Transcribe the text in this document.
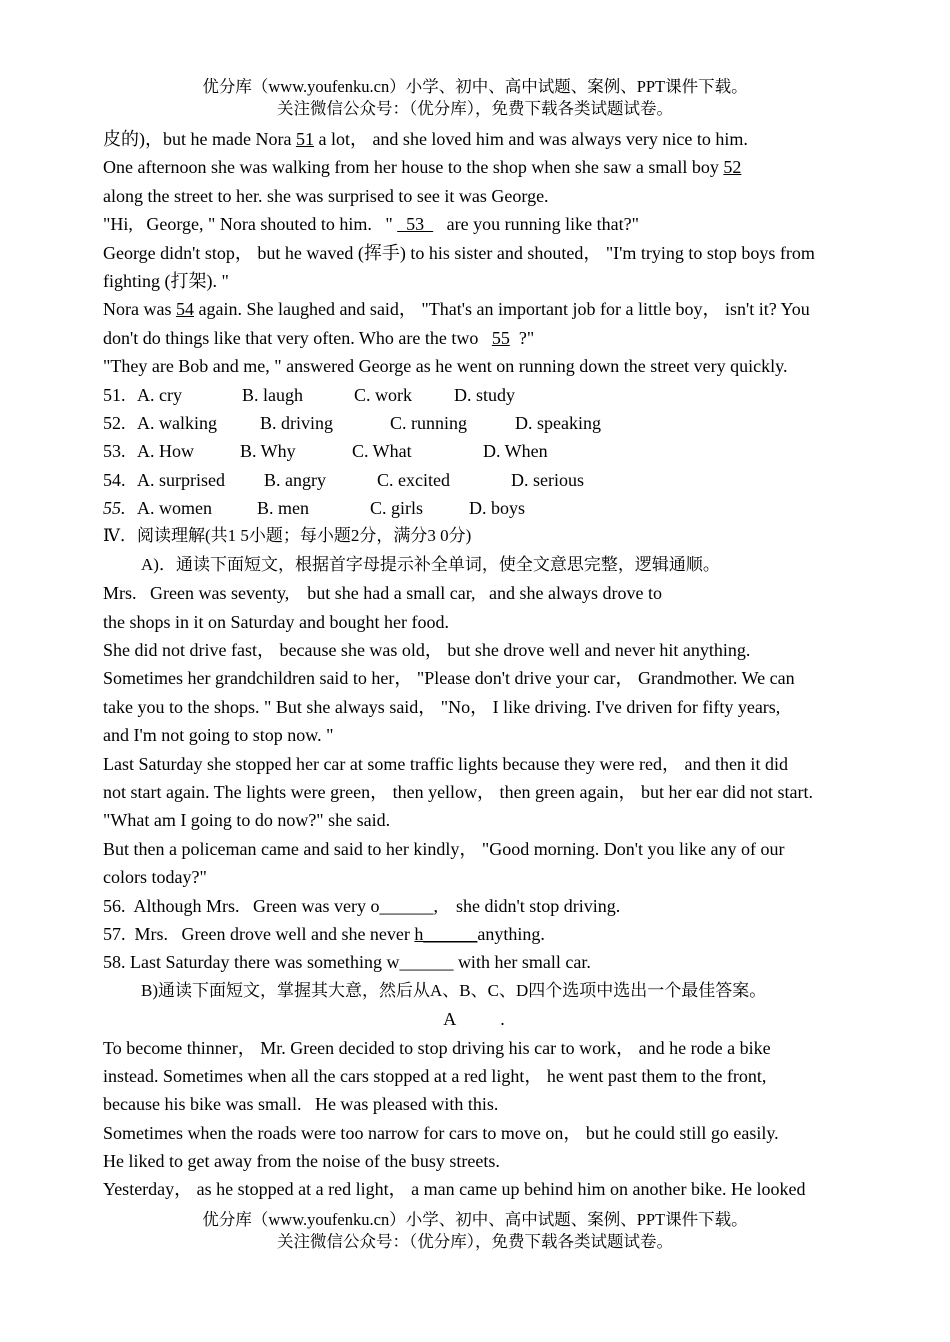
优分库（www.youfenku.cn）小学、初中、高中试题、案例、PPT课件下载。
关注微信公众号：（优分库），免费下载各类试题试卷。
皮的)，but he made Nora 51 a lot， and she loved him and was always very nice to him.
One afternoon she was walking from her house to the shop when she saw a small boy 52
along the street to her. she was surprised to see it was George.
"Hi,   George, " Nora shouted to him.   "   53     are you running like that?"
George didn't stop， but he waved (挥手) to his sister and shouted， "I'm trying to stop boys from
fighting (打架). "
Nora was 54 again. She laughed and said， "That's an important job for a little boy， isn't it? You
don't do things like that very often. Who are the two   55  ?"
"They are Bob and me, " answered George as he went on running down the street very quickly.
51. A. cry	B. laugh	C. work D. study
52. A. walking B. driving	C. running	D. speaking
53. A. How	B. Why	C. What	D. When
54. A. surprised B. angry	C. excited	D. serious
55. A. women	B. men	C. girls	D. boys
Ⅳ．阅读理解(共1 5小题；每小题2分，满分3 0分)
A)．通读下面短文，根据首字母提示补全单词，使全文意思完整，逻辑通顺。
Mrs.   Green was seventy,    but she had a small car,   and she always drove to
the shops in it on Saturday and bought her food.
She did not drive fast， because she was old， but she drove well and never hit anything.
Sometimes her grandchildren said to her， "Please don't drive your car， Grandmother. We can
take you to the shops. " But she always said， "No， I like driving. I've driven for fifty years,
and I'm not going to stop now. "
Last Saturday she stopped her car at some traffic lights because they were red， and then it did
not start again. The lights were green， then yellow， then green again， but her ear did not start.
"What am I going to do now?" she said.
But then a policeman came and said to her kindly， "Good morning. Don't you like any of our
colors today?"
56.  Although Mrs.   Green was very o______,    she didn't stop driving.
57.  Mrs.   Green drove well and she never h______anything.
58. Last Saturday there was something w______ with her small car.
B)通读下面短文，掌握其大意，然后从A、B、C、D四个选项中选出一个最佳答案。
A          .
To become thinner， Mr. Green decided to stop driving his car to work， and he rode a bike
instead. Sometimes when all the cars stopped at a red light， he went past them to the front,
because his bike was small.   He was pleased with this.
Sometimes when the roads were too narrow for cars to move on， but he could still go easily.
He liked to get away from the noise of the busy streets.
Yesterday， as he stopped at a red light， a man came up behind him on another bike. He looked
优分库（www.youfenku.cn）小学、初中、高中试题、案例、PPT课件下载。
关注微信公众号：（优分库），免费下载各类试题试卷。
